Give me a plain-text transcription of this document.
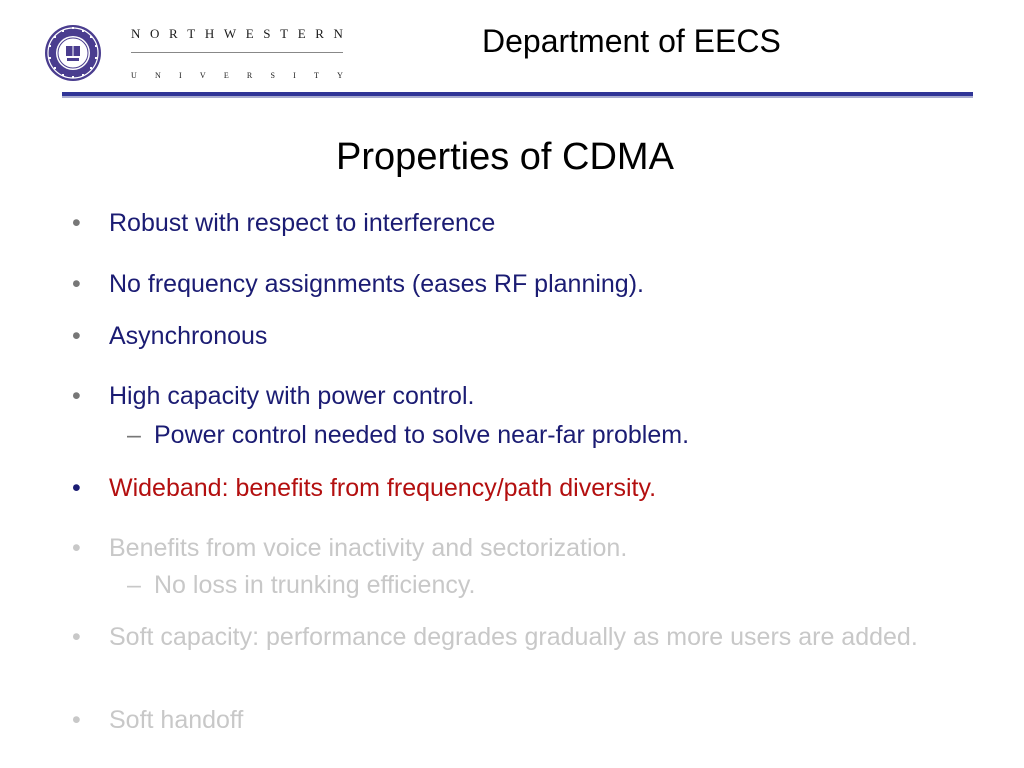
N O R T H W E S T E R N
U N I V E R S I T Y
Department of EECS
Properties of CDMA
•	Robust with respect to interference
•	No frequency assignments (eases RF planning).
•	Asynchronous
•	High capacity with power control.
– Power control needed to solve near-far problem.
•	Wideband: benefits from frequency/path diversity.
•	Benefits from voice inactivity and sectorization.
– No loss in trunking efficiency.
•	Soft capacity: performance degrades gradually as more users are added.
•	Soft handoff
